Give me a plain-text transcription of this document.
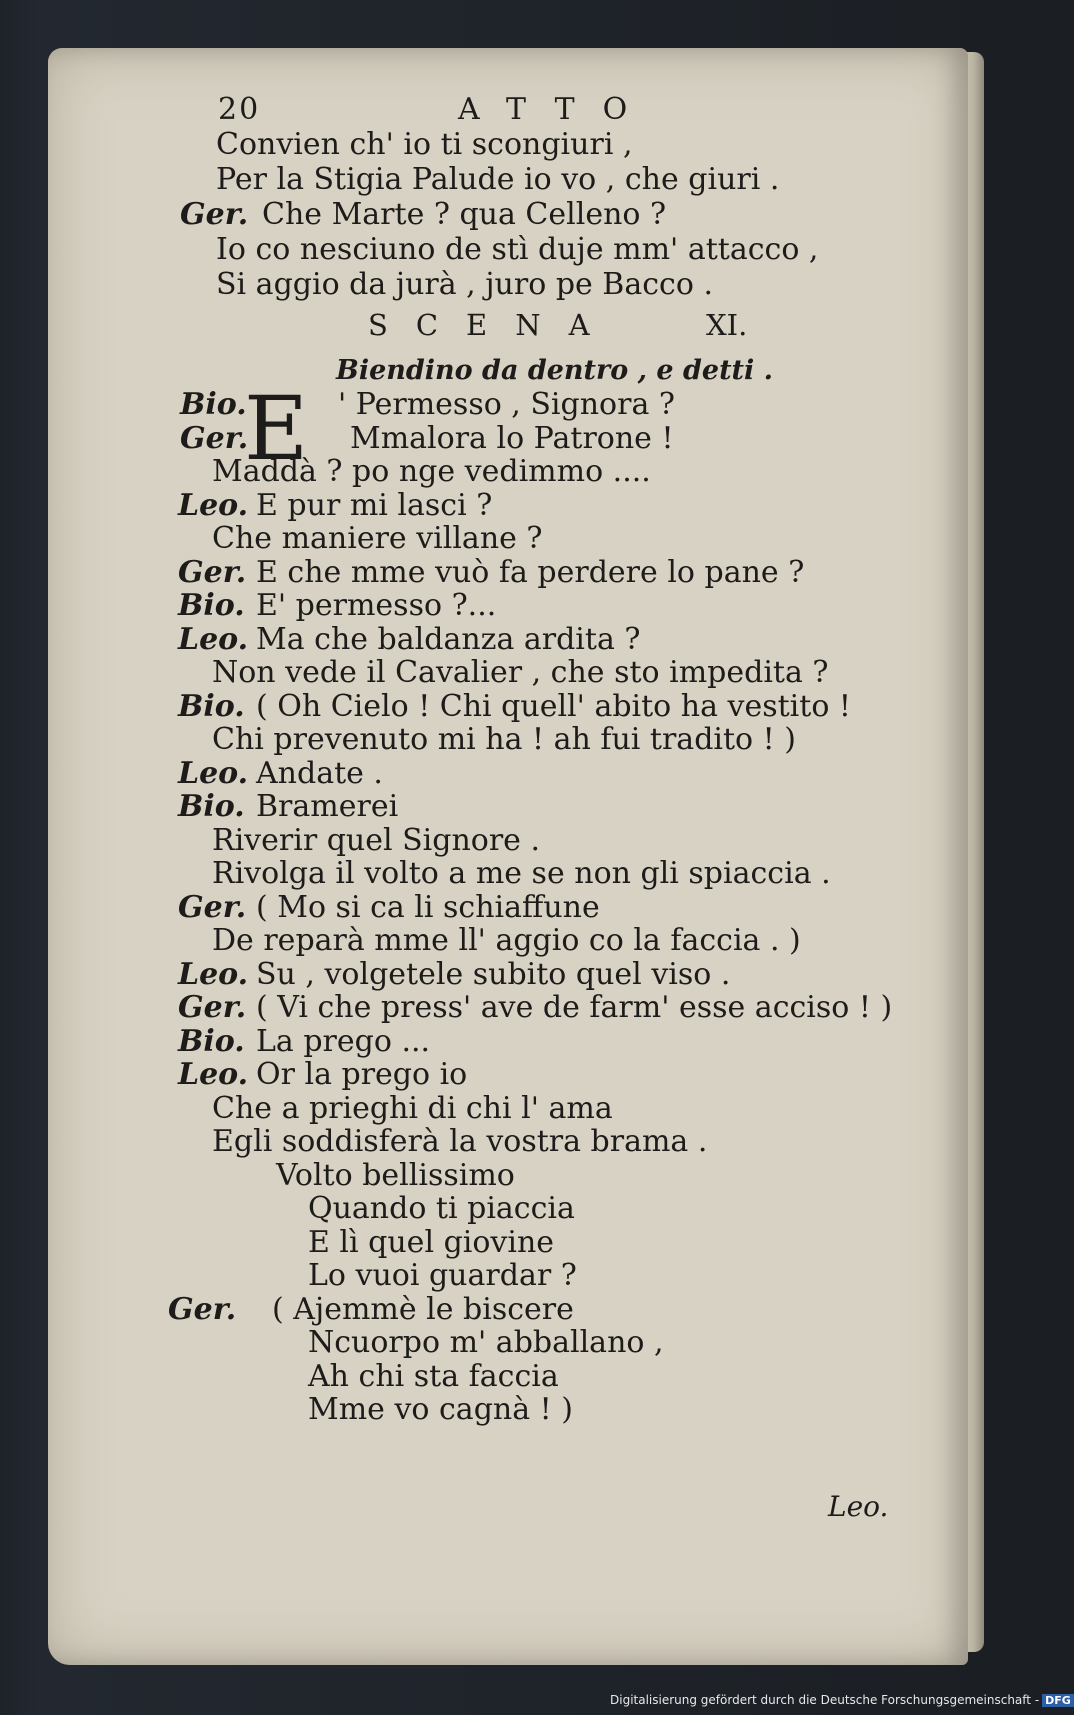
20	ATTO
Convien ch' io ti scongiuri ,
Per la Stigia Palude io vo , che giuri .
Ger. Che Marte ? qua Celleno ?
Io co nesciuno de stì duje mm' attacco ,
Si aggio da jurà , juro pe Bacco .
SCENA	XI.
Biendino da dentro , e detti .
E
Bio.	' Permesso , Signora ?
Ger.	Mmalora lo Patrone !
Maddà ? po nge vedimmo ....
Leo. E pur mi lasci ?
Che maniere villane ?
Ger. E che mme vuò fa perdere lo pane ?
Bio. E' permesso ?...
Leo. Ma che baldanza ardita ?
Non vede il Cavalier , che sto impedita ?
Bio. ( Oh Cielo ! Chi quell' abito ha vestito !
Chi prevenuto mi ha ! ah fui tradito ! )
Leo. Andate .
Bio. Bramerei
Riverir quel Signore .
Rivolga il volto a me se non gli spiaccia .
Ger. ( Mo si ca li schiaffune
De reparà mme ll' aggio co la faccia . )
Leo. Su , volgetele subito quel viso .
Ger. ( Vi che press' ave de farm' esse acciso ! )
Bio. La prego ...
Leo. Or la prego io
Che a prieghi di chi l' ama
Egli soddisferà la vostra brama .
Volto bellissimo
Quando ti piaccia
E lì quel giovine
Lo vuoi guardar ?
Ger. ( Ajemmè le biscere
Ncuorpo m' abballano ,
Ah chi sta faccia
Mme vo cagnà ! )
Leo.
Digitalisierung gefördert durch die Deutsche Forschungsgemeinschaft - DFG
